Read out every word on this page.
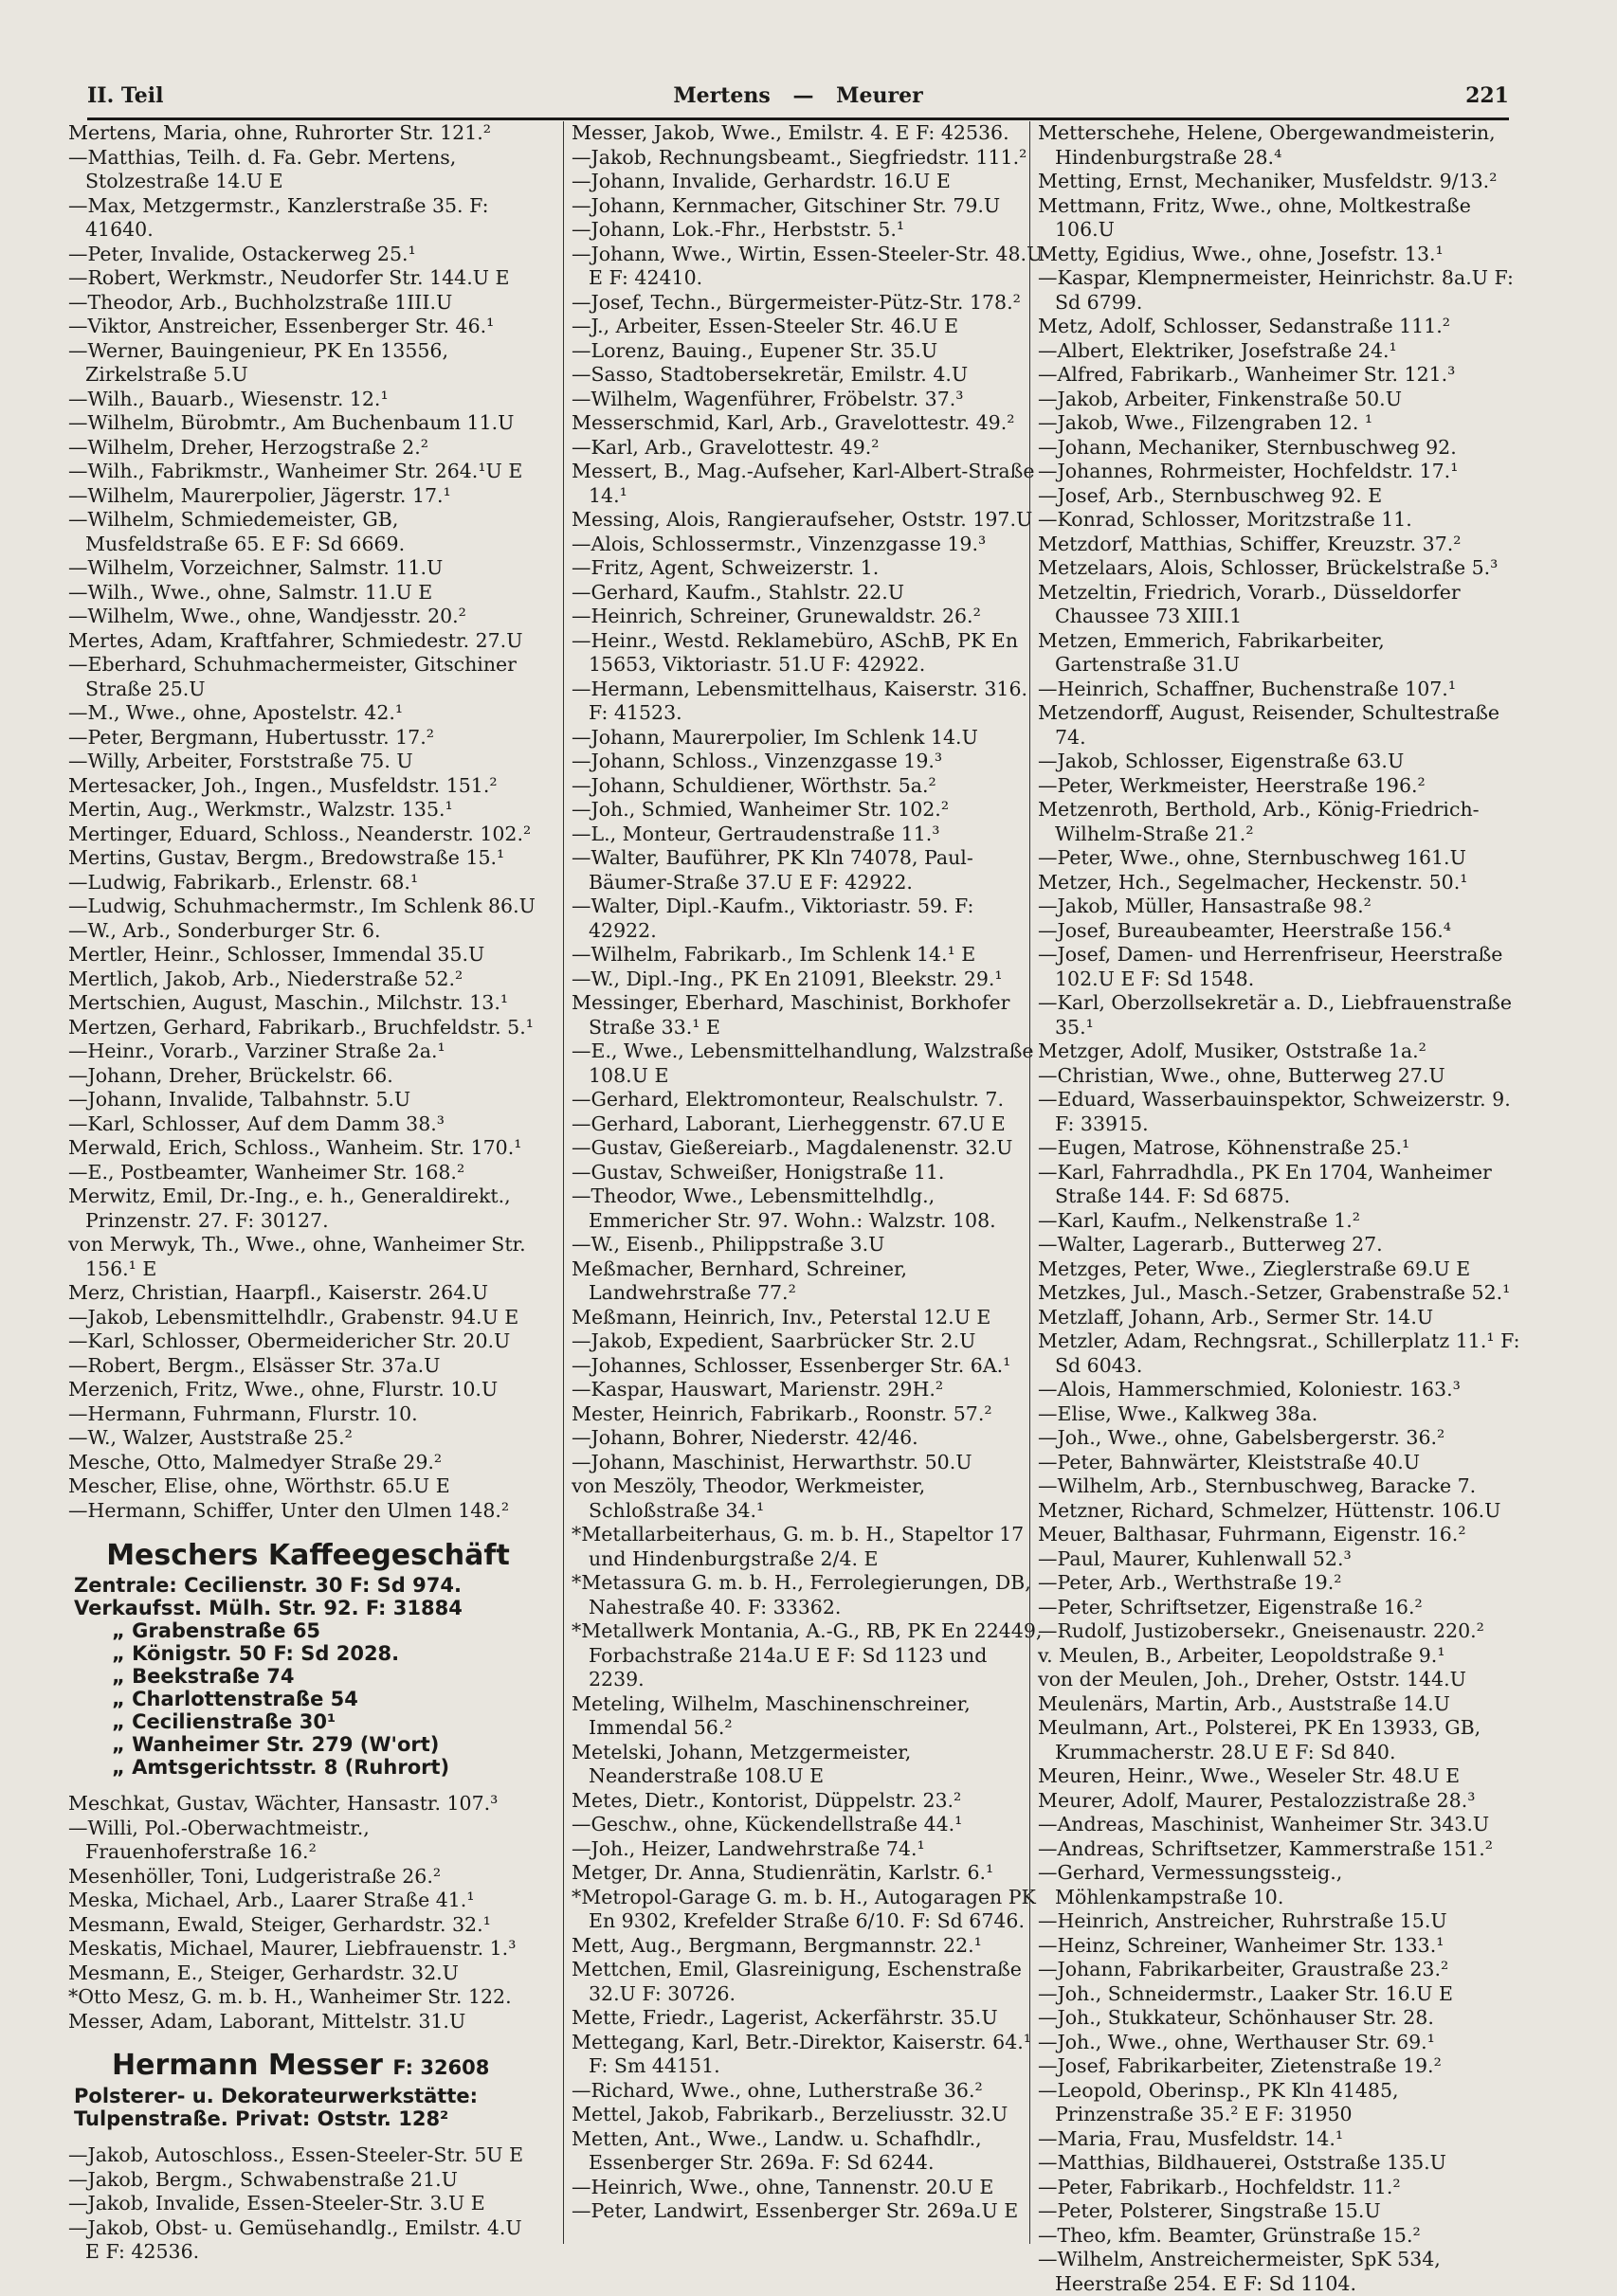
II. Teil	Mertens — Meurer	221
Mertens, Maria, ohne, Ruhrorter Str. 121.²
—Matthias, Teilh. d. Fa. Gebr. Mertens, Stolzestraße 14.U E
—Max, Metzgermstr., Kanzlerstraße 35. F: 41640.
—Peter, Invalide, Ostackerweg 25.¹
—Robert, Werkmstr., Neudorfer Str. 144.U E
—Theodor, Arb., Buchholzstraße 1III.U
—Viktor, Anstreicher, Essenberger Str. 46.¹
—Werner, Bauingenieur, PK En 13556, Zirkelstraße 5.U
—Wilh., Bauarb., Wiesenstr. 12.¹
—Wilhelm, Bürobmtr., Am Buchenbaum 11.U
—Wilhelm, Dreher, Herzogstraße 2.²
—Wilh., Fabrikmstr., Wanheimer Str. 264.¹U E
—Wilhelm, Maurerpolier, Jägerstr. 17.¹
—Wilhelm, Schmiedemeister, GB, Musfeldstraße 65. E F: Sd 6669.
—Wilhelm, Vorzeichner, Salmstr. 11.U
—Wilh., Wwe., ohne, Salmstr. 11.U E
—Wilhelm, Wwe., ohne, Wandjesstr. 20.²
Mertes, Adam, Kraftfahrer, Schmiedestr. 27.U
—Eberhard, Schuhmachermeister, Gitschiner Straße 25.U
—M., Wwe., ohne, Apostelstr. 42.¹
—Peter, Bergmann, Hubertusstr. 17.²
—Willy, Arbeiter, Forststraße 75. U
Mertesacker, Joh., Ingen., Musfeldstr. 151.²
Mertin, Aug., Werkmstr., Walzstr. 135.¹
Mertinger, Eduard, Schloss., Neanderstr. 102.²
Mertins, Gustav, Bergm., Bredowstraße 15.¹
—Ludwig, Fabrikarb., Erlenstr. 68.¹
—Ludwig, Schuhmachermstr., Im Schlenk 86.U
—W., Arb., Sonderburger Str. 6.
Mertler, Heinr., Schlosser, Immendal 35.U
Mertlich, Jakob, Arb., Niederstraße 52.²
Mertschien, August, Maschin., Milchstr. 13.¹
Mertzen, Gerhard, Fabrikarb., Bruchfeldstr. 5.¹
—Heinr., Vorarb., Varziner Straße 2a.¹
—Johann, Dreher, Brückelstr. 66.
—Johann, Invalide, Talbahnstr. 5.U
—Karl, Schlosser, Auf dem Damm 38.³
Merwald, Erich, Schloss., Wanheim. Str. 170.¹
—E., Postbeamter, Wanheimer Str. 168.²
Merwitz, Emil, Dr.-Ing., e. h., Generaldirekt., Prinzenstr. 27. F: 30127.
von Merwyk, Th., Wwe., ohne, Wanheimer Str. 156.¹ E
Merz, Christian, Haarpfl., Kaiserstr. 264.U
—Jakob, Lebensmittelhdlr., Grabenstr. 94.U E
—Karl, Schlosser, Obermeidericher Str. 20.U
—Robert, Bergm., Elsässer Str. 37a.U
Merzenich, Fritz, Wwe., ohne, Flurstr. 10.U
—Hermann, Fuhrmann, Flurstr. 10.
—W., Walzer, Auststraße 25.²
Mesche, Otto, Malmedyer Straße 29.²
Mescher, Elise, ohne, Wörthstr. 65.U E
—Hermann, Schiffer, Unter den Ulmen 148.²
Meschers Kaffeegeschäft
Zentrale: Cecilienstr. 30 F: Sd 974.
Verkaufsst. Mülh. Str. 92. F: 31884
„ Grabenstraße 65
„ Königstr. 50 F: Sd 2028.
„ Beekstraße 74
„ Charlottenstraße 54
„ Cecilienstraße 30¹
„ Wanheimer Str. 279 (W'ort)
„ Amtsgerichtsstr. 8 (Ruhrort)
Meschkat, Gustav, Wächter, Hansastr. 107.³
—Willi, Pol.-Oberwachtmeistr., Frauenhoferstraße 16.²
Mesenhöller, Toni, Ludgeristraße 26.²
Meska, Michael, Arb., Laarer Straße 41.¹
Mesmann, Ewald, Steiger, Gerhardstr. 32.¹
Meskatis, Michael, Maurer, Liebfrauenstr. 1.³
Mesmann, E., Steiger, Gerhardstr. 32.U
*Otto Mesz, G. m. b. H., Wanheimer Str. 122.
Messer, Adam, Laborant, Mittelstr. 31.U
Hermann Messer F: 32608
Polsterer- u. Dekorateurwerkstätte:
Tulpenstraße. Privat: Oststr. 128²
—Jakob, Autoschloss., Essen-Steeler-Str. 5U E
—Jakob, Bergm., Schwabenstraße 21.U
—Jakob, Invalide, Essen-Steeler-Str. 3.U E
—Jakob, Obst- u. Gemüsehandlg., Emilstr. 4.U E F: 42536.
Messer, Jakob, Wwe., Emilstr. 4. E F: 42536.
—Jakob, Rechnungsbeamt., Siegfriedstr. 111.²
—Johann, Invalide, Gerhardstr. 16.U E
—Johann, Kernmacher, Gitschiner Str. 79.U
—Johann, Lok.-Fhr., Herbststr. 5.¹
—Johann, Wwe., Wirtin, Essen-Steeler-Str. 48.U E F: 42410.
—Josef, Techn., Bürgermeister-Pütz-Str. 178.²
—J., Arbeiter, Essen-Steeler Str. 46.U E
—Lorenz, Bauing., Eupener Str. 35.U
—Sasso, Stadtobersekretär, Emilstr. 4.U
—Wilhelm, Wagenführer, Fröbelstr. 37.³
Messerschmid, Karl, Arb., Gravelottestr. 49.²
—Karl, Arb., Gravelottestr. 49.²
Messert, B., Mag.-Aufseher, Karl-Albert-Straße 14.¹
Messing, Alois, Rangieraufseher, Oststr. 197.U
—Alois, Schlossermstr., Vinzenzgasse 19.³
—Fritz, Agent, Schweizerstr. 1.
—Gerhard, Kaufm., Stahlstr. 22.U
—Heinrich, Schreiner, Grunewaldstr. 26.²
—Heinr., Westd. Reklamebüro, ASchB, PK En 15653, Viktoriastr. 51.U F: 42922.
—Hermann, Lebensmittelhaus, Kaiserstr. 316. F: 41523.
—Johann, Maurerpolier, Im Schlenk 14.U
—Johann, Schloss., Vinzenzgasse 19.³
—Johann, Schuldiener, Wörthstr. 5a.²
—Joh., Schmied, Wanheimer Str. 102.²
—L., Monteur, Gertraudenstraße 11.³
—Walter, Bauführer, PK Kln 74078, Paul-Bäumer-Straße 37.U E F: 42922.
—Walter, Dipl.-Kaufm., Viktoriastr. 59. F: 42922.
—Wilhelm, Fabrikarb., Im Schlenk 14.¹ E
—W., Dipl.-Ing., PK En 21091, Bleekstr. 29.¹
Messinger, Eberhard, Maschinist, Borkhofer Straße 33.¹ E
—E., Wwe., Lebensmittelhandlung, Walzstraße 108.U E
—Gerhard, Elektromonteur, Realschulstr. 7.
—Gerhard, Laborant, Lierheggenstr. 67.U E
—Gustav, Gießereiarb., Magdalenenstr. 32.U
—Gustav, Schweißer, Honigstraße 11.
—Theodor, Wwe., Lebensmittelhdlg., Emmericher Str. 97. Wohn.: Walzstr. 108.
—W., Eisenb., Philippstraße 3.U
Meßmacher, Bernhard, Schreiner, Landwehrstraße 77.²
Meßmann, Heinrich, Inv., Peterstal 12.U E
—Jakob, Expedient, Saarbrücker Str. 2.U
—Johannes, Schlosser, Essenberger Str. 6A.¹
—Kaspar, Hauswart, Marienstr. 29H.²
Mester, Heinrich, Fabrikarb., Roonstr. 57.²
—Johann, Bohrer, Niederstr. 42/46.
—Johann, Maschinist, Herwarthstr. 50.U
von Meszöly, Theodor, Werkmeister, Schloßstraße 34.¹
*Metallarbeiterhaus, G. m. b. H., Stapeltor 17 und Hindenburgstraße 2/4. E
*Metassura G. m. b. H., Ferrolegierungen, DB, Nahestraße 40. F: 33362.
*Metallwerk Montania, A.-G., RB, PK En 22449, Forbachstraße 214a.U E F: Sd 1123 und 2239.
Meteling, Wilhelm, Maschinenschreiner, Immendal 56.²
Metelski, Johann, Metzgermeister, Neanderstraße 108.U E
Metes, Dietr., Kontorist, Düppelstr. 23.²
—Geschw., ohne, Kückendellstraße 44.¹
—Joh., Heizer, Landwehrstraße 74.¹
Metger, Dr. Anna, Studienrätin, Karlstr. 6.¹
*Metropol-Garage G. m. b. H., Autogaragen PK En 9302, Krefelder Straße 6/10. F: Sd 6746.
Mett, Aug., Bergmann, Bergmannstr. 22.¹
Mettchen, Emil, Glasreinigung, Eschenstraße 32.U F: 30726.
Mette, Friedr., Lagerist, Ackerfährstr. 35.U
Mettegang, Karl, Betr.-Direktor, Kaiserstr. 64.¹ F: Sm 44151.
—Richard, Wwe., ohne, Lutherstraße 36.²
Mettel, Jakob, Fabrikarb., Berzeliusstr. 32.U
Metten, Ant., Wwe., Landw. u. Schafhdlr., Essenberger Str. 269a. F: Sd 6244.
—Heinrich, Wwe., ohne, Tannenstr. 20.U E
—Peter, Landwirt, Essenberger Str. 269a.U E
Metterschehe, Helene, Obergewandmeisterin, Hindenburgstraße 28.⁴
Metting, Ernst, Mechaniker, Musfeldstr. 9/13.²
Mettmann, Fritz, Wwe., ohne, Moltkestraße 106.U
Metty, Egidius, Wwe., ohne, Josefstr. 13.¹
—Kaspar, Klempnermeister, Heinrichstr. 8a.U F: Sd 6799.
Metz, Adolf, Schlosser, Sedanstraße 111.²
—Albert, Elektriker, Josefstraße 24.¹
—Alfred, Fabrikarb., Wanheimer Str. 121.³
—Jakob, Arbeiter, Finkenstraße 50.U
—Jakob, Wwe., Filzengraben 12. ¹
—Johann, Mechaniker, Sternbuschweg 92.
—Johannes, Rohrmeister, Hochfeldstr. 17.¹
—Josef, Arb., Sternbuschweg 92. E
—Konrad, Schlosser, Moritzstraße 11.
Metzdorf, Matthias, Schiffer, Kreuzstr. 37.²
Metzelaars, Alois, Schlosser, Brückelstraße 5.³
Metzeltin, Friedrich, Vorarb., Düsseldorfer Chaussee 73 XIII.1
Metzen, Emmerich, Fabrikarbeiter, Gartenstraße 31.U
—Heinrich, Schaffner, Buchenstraße 107.¹
Metzendorff, August, Reisender, Schultestraße 74.
—Jakob, Schlosser, Eigenstraße 63.U
—Peter, Werkmeister, Heerstraße 196.²
Metzenroth, Berthold, Arb., König-Friedrich-Wilhelm-Straße 21.²
—Peter, Wwe., ohne, Sternbuschweg 161.U
Metzer, Hch., Segelmacher, Heckenstr. 50.¹
—Jakob, Müller, Hansastraße 98.²
—Josef, Bureaubeamter, Heerstraße 156.⁴
—Josef, Damen- und Herrenfriseur, Heerstraße 102.U E F: Sd 1548.
—Karl, Oberzollsekretär a. D., Liebfrauenstraße 35.¹
Metzger, Adolf, Musiker, Oststraße 1a.²
—Christian, Wwe., ohne, Butterweg 27.U
—Eduard, Wasserbauinspektor, Schweizerstr. 9. F: 33915.
—Eugen, Matrose, Köhnenstraße 25.¹
—Karl, Fahrradhdla., PK En 1704, Wanheimer Straße 144. F: Sd 6875.
—Karl, Kaufm., Nelkenstraße 1.²
—Walter, Lagerarb., Butterweg 27.
Metzges, Peter, Wwe., Zieglerstraße 69.U E
Metzkes, Jul., Masch.-Setzer, Grabenstraße 52.¹
Metzlaff, Johann, Arb., Sermer Str. 14.U
Metzler, Adam, Rechngsrat., Schillerplatz 11.¹ F: Sd 6043.
—Alois, Hammerschmied, Koloniestr. 163.³
—Elise, Wwe., Kalkweg 38a.
—Joh., Wwe., ohne, Gabelsbergerstr. 36.²
—Peter, Bahnwärter, Kleiststraße 40.U
—Wilhelm, Arb., Sternbuschweg, Baracke 7.
Metzner, Richard, Schmelzer, Hüttenstr. 106.U
Meuer, Balthasar, Fuhrmann, Eigenstr. 16.²
—Paul, Maurer, Kuhlenwall 52.³
—Peter, Arb., Werthstraße 19.²
—Peter, Schriftsetzer, Eigenstraße 16.²
—Rudolf, Justizobersekr., Gneisenaustr. 220.²
v. Meulen, B., Arbeiter, Leopoldstraße 9.¹
von der Meulen, Joh., Dreher, Oststr. 144.U
Meulenärs, Martin, Arb., Auststraße 14.U
Meulmann, Art., Polsterei, PK En 13933, GB, Krummacherstr. 28.U E F: Sd 840.
Meuren, Heinr., Wwe., Weseler Str. 48.U E
Meurer, Adolf, Maurer, Pestalozzistraße 28.³
—Andreas, Maschinist, Wanheimer Str. 343.U
—Andreas, Schriftsetzer, Kammerstraße 151.²
—Gerhard, Vermessungssteig., Möhlenkampstraße 10.
—Heinrich, Anstreicher, Ruhrstraße 15.U
—Heinz, Schreiner, Wanheimer Str. 133.¹
—Johann, Fabrikarbeiter, Graustraße 23.²
—Joh., Schneidermstr., Laaker Str. 16.U E
—Joh., Stukkateur, Schönhauser Str. 28.
—Joh., Wwe., ohne, Werthauser Str. 69.¹
—Josef, Fabrikarbeiter, Zietenstraße 19.²
—Leopold, Oberinsp., PK Kln 41485, Prinzenstraße 35.² E F: 31950
—Maria, Frau, Musfeldstr. 14.¹
—Matthias, Bildhauerei, Oststraße 135.U
—Peter, Fabrikarb., Hochfeldstr. 11.²
—Peter, Polsterer, Singstraße 15.U
—Theo, kfm. Beamter, Grünstraße 15.²
—Wilhelm, Anstreichermeister, SpK 534, Heerstraße 254. E F: Sd 1104.
